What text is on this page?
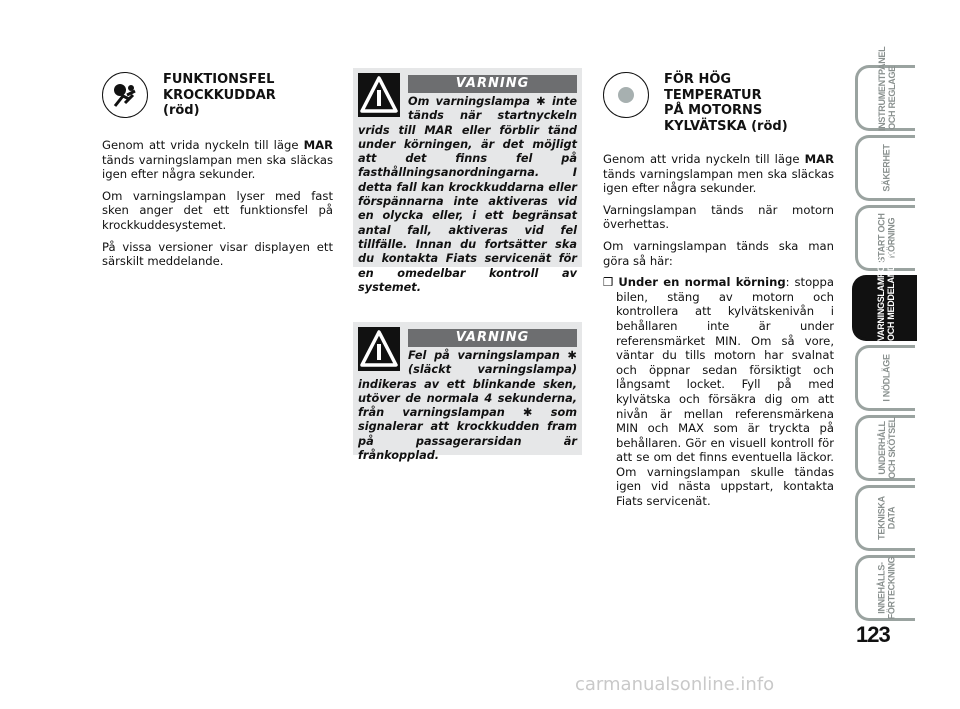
FUNKTIONSFEL
KROCKKUDDAR
(röd)

Genom att vrida nyckeln till läge MAR tänds varningslampan men ska släckas igen efter några sekunder.

Om varningslampan lyser med fast sken anger det ett funktionsfel på krockkuddesystemet.

På vissa versioner visar displayen ett särskilt meddelande.

VARNING
Om varningslampa ✱ inte tänds när startnyckeln vrids till MAR eller förblir tänd under körningen, är det möjligt att det finns fel på fasthållningsanordningarna. I detta fall kan krockkuddarna eller förspännarna inte aktiveras vid en olycka eller, i ett begränsat antal fall, aktiveras vid fel tillfälle. Innan du fortsätter ska du kontakta Fiats servicenät för en omedelbar kontroll av systemet.
VARNING
Fel på varningslampan ✱ (släckt varningslampa) indikeras av ett blinkande sken, utöver de normala 4 sekunderna, från varningslampan ✱ som signalerar att krockkudden fram på passagerarsidan är frånkopplad.
FÖR HÖG
TEMPERATUR
PÅ MOTORNS
KYLVÄTSKA (röd)

Genom att vrida nyckeln till läge MAR tänds varningslampan men ska släckas igen efter några sekunder.

Varningslampan tänds när motorn överhettas.

Om varningslampan tänds ska man göra så här:

❒ Under en normal körning: stoppa bilen, stäng av motorn och kontrollera att kylvätskenivån i behållaren inte är under referensmärket MIN. Om så vore, väntar du tills motorn har svalnat och öppnar sedan försiktigt och långsamt locket. Fyll på med kylvätska och försäkra dig om att nivån är mellan referensmärkena MIN och MAX som är tryckta på behållaren. Gör en visuell kontroll för att se om det finns eventuella läckor. Om varningslampan skulle tändas igen vid nästa uppstart, kontakta Fiats servicenät.
INSTRUMENTPANEL
OCH REGLAGE
SÄKERHET
START OCH
KÖRNING
VARNINGSLAMPOR
OCH MEDDELANDEN
I NÖDLÄGE
UNDERHÅLL
OCH SKÖTSEL
TEKNISKA
DATA
INNEHÅLLS-
FÖRTECKNING
123
carmanualsonline.info
